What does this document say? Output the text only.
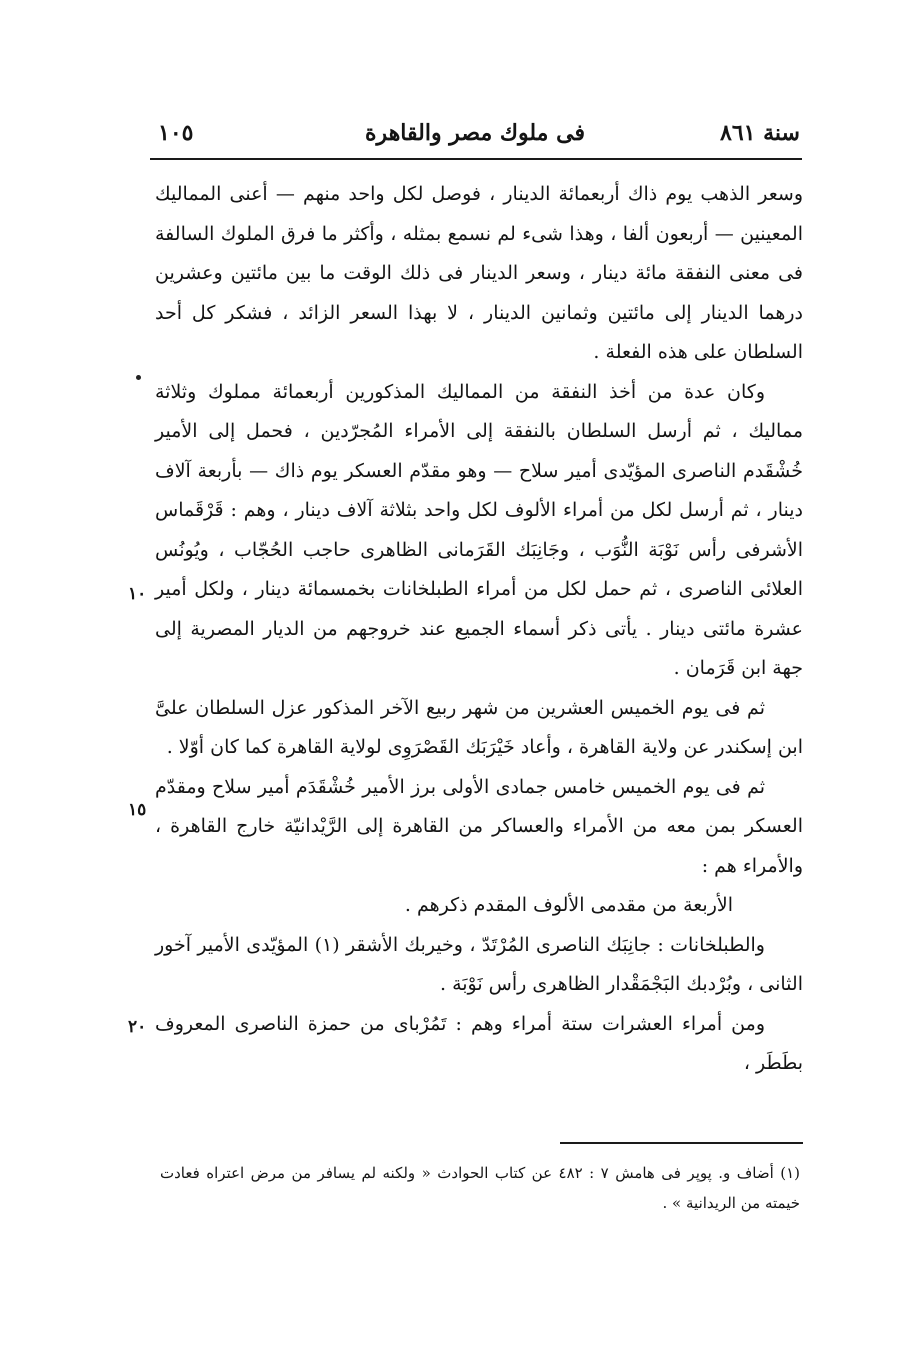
سنة ٨٦١
فى ملوك مصر والقاهرة
١٠٥

وسعر الذهب يوم ذاك أربعمائة الدينار ، فوصل لكل واحد منهم — أعنى المماليك المعينين — أربعون ألفا ، وهذا شىء لم نسمع بمثله ، وأكثر ما فرق الملوك السالفة فى معنى النفقة مائة دينار ، وسعر الدينار فى ذلك الوقت ما بين مائتين وعشرين درهما الدينار إلى مائتين وثمانين الدينار ، لا بهذا السعر الزائد ، فشكر كل أحد السلطان على هذه الفعلة .

وكان عدة من أخذ النفقة من المماليك المذكورين أربعمائة مملوك وثلاثة مماليك ، ثم أرسل السلطان بالنفقة إلى الأمراء المُجرّدين ، فحمل إلى الأمير خُشْقَدم الناصرى المؤيّدى أمير سلاح — وهو مقدّم العسكر يوم ذاك — بأربعة آلاف دينار ، ثم أرسل لكل من أمراء الألوف لكل واحد بثلاثة آلاف دينار ، وهم : قَرْقَماس الأشرفى رأس نَوْبَة النُّوَب ، وجَانِبَك القَرَمانى الظاهرى حاجب الحُجّاب ، ويُونُس العلائى الناصرى ، ثم حمل لكل من أمراء الطبلخانات بخمسمائة دينار ، ولكل أمير عشرة مائتى دينار . يأتى ذكر أسماء الجميع عند خروجهم من الديار المصرية إلى جهة ابن قَرَمان .

ثم فى يوم الخميس العشرين من شهر ربيع الآخر المذكور عزل السلطان علىَّ ابن إسكندر عن ولاية القاهرة ، وأعاد خَيْرَبَك القَصْرَوِى لولاية القاهرة كما كان أوّلا .

ثم فى يوم الخميس خامس جمادى الأولى برز الأمير خُشْقَدَم أمير سلاح ومقدّم العسكر بمن معه من الأمراء والعساكر من القاهرة إلى الرَّيْدانيّة خارج القاهرة ، والأمراء هم :

الأربعة من مقدمى الألوف المقدم ذكرهم .

والطبلخانات : جانِبَك الناصرى المُرْتَدّ ، وخيربك الأشقر (١) المؤيّدى الأمير آخور الثانى ، وبُرْدبك البَجْمَقْدار الظاهرى رأس نَوْبَة .

ومن أمراء العشرات ستة أمراء وهم : تَمُرْباى من حمزة الناصرى المعروف بطَطَر ،

١٠
١٥
٢٠

(١) أضاف و. پوپر فى هامش ٧ : ٤٨٢ عن كتاب الحوادث « ولكنه لم يسافر من مرض اعتراه فعادت خيمته من الريدانية » .
